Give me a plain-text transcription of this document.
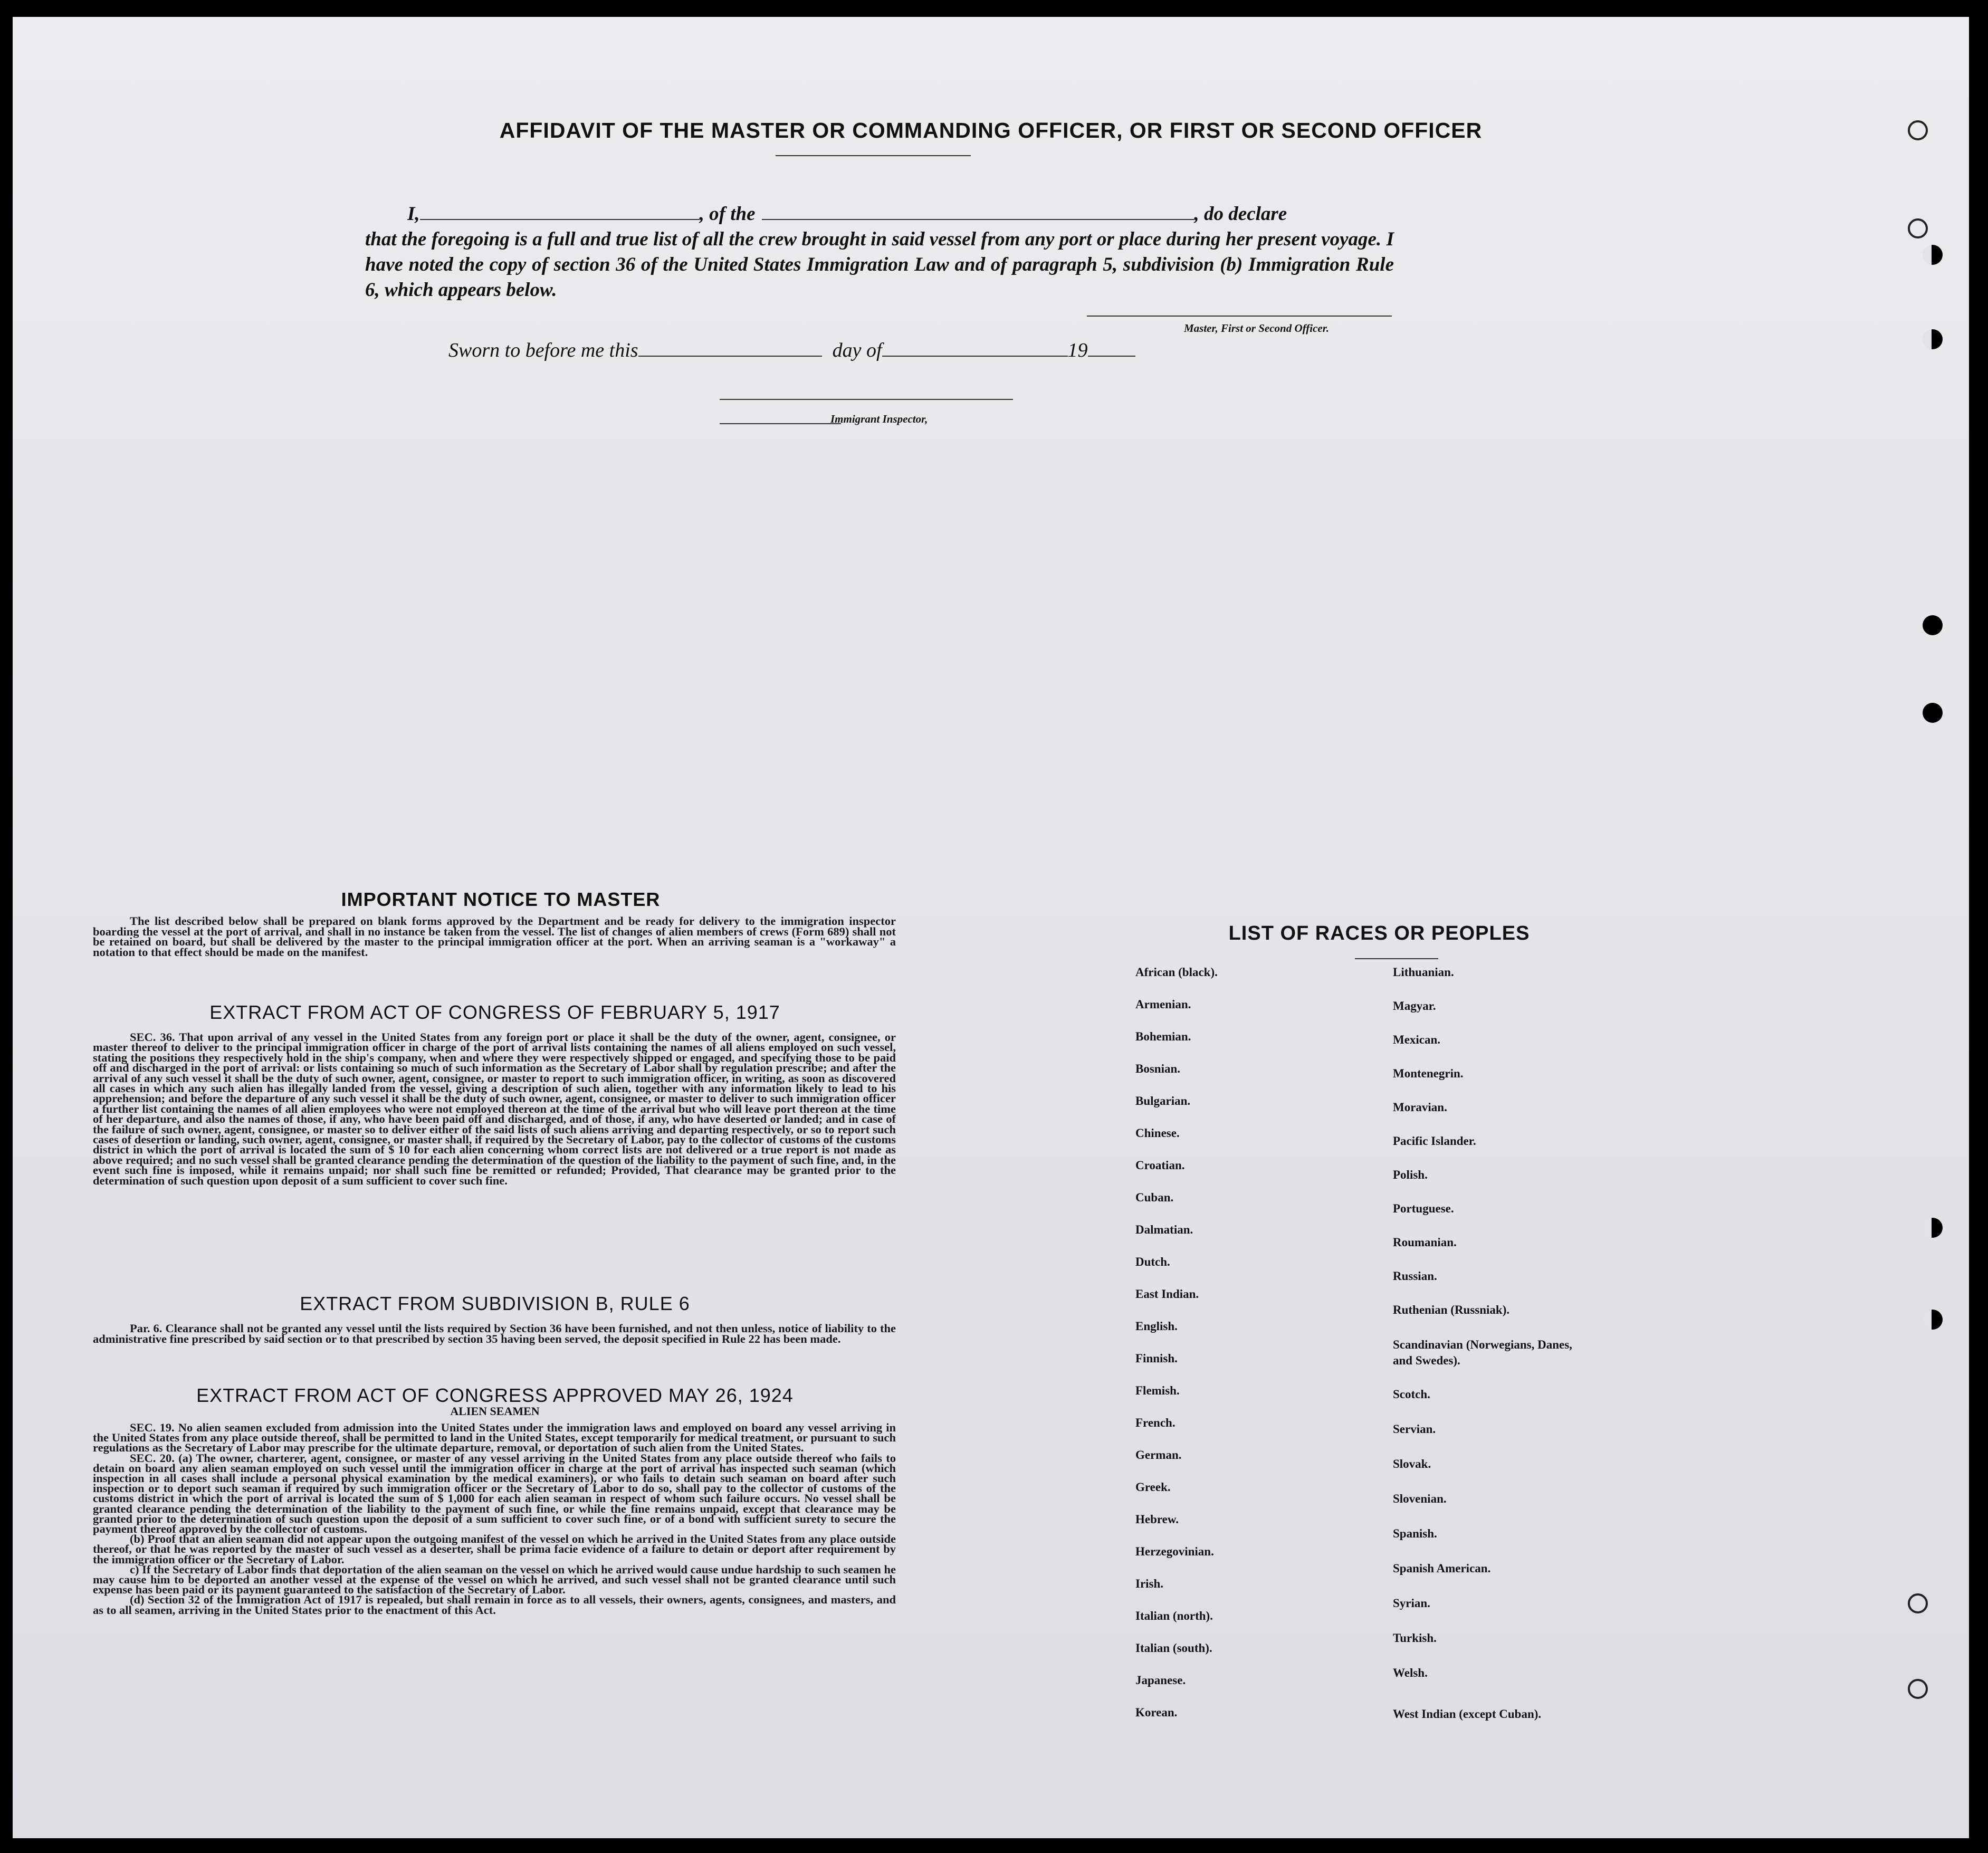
AFFIDAVIT OF THE MASTER OR COMMANDING OFFICER, OR FIRST OR SECOND OFFICER
I,	, of the	, do declare
that the foregoing is a full and true list of all the crew brought in said vessel from any port or place during her present voyage. I have noted the copy of section 36 of the United States Immigration Law and of paragraph 5, subdivision (b) Immigration Rule 6, which appears below.
Master, First or Second Officer.
Sworn to before me this	day of	19
Immigrant Inspector,
IMPORTANT NOTICE TO MASTER

The list described below shall be prepared on blank forms approved by the Department and be ready for delivery to the immigration inspector boarding the vessel at the port of arrival, and shall in no instance be taken from the vessel. The list of changes of alien members of crews (Form 689) shall not be retained on board, but shall be delivered by the master to the principal immigration officer at the port. When an arriving seaman is a "workaway" a notation to that effect should be made on the manifest.

EXTRACT FROM ACT OF CONGRESS OF FEBRUARY 5, 1917

SEC. 36. That upon arrival of any vessel in the United States from any foreign port or place it shall be the duty of the owner, agent, consignee, or master thereof to deliver to the principal immigration officer in charge of the port of arrival lists containing the names of all aliens employed on such vessel, stating the positions they respectively hold in the ship's company, when and where they were respectively shipped or engaged, and specifying those to be paid off and discharged in the port of arrival: or lists containing so much of such information as the Secretary of Labor shall by regulation prescribe; and after the arrival of any such vessel it shall be the duty of such owner, agent, consignee, or master to report to such immigration officer, in writing, as soon as discovered all cases in which any such alien has illegally landed from the vessel, giving a description of such alien, together with any information likely to lead to his apprehension; and before the departure of any such vessel it shall be the duty of such owner, agent, consignee, or master to deliver to such immigration officer a further list containing the names of all alien employees who were not employed thereon at the time of the arrival but who will leave port thereon at the time of her departure, and also the names of those, if any, who have been paid off and discharged, and of those, if any, who have deserted or landed; and in case of the failure of such owner, agent, consignee, or master so to deliver either of the said lists of such aliens arriving and departing respectively, or so to report such cases of desertion or landing, such owner, agent, consignee, or master shall, if required by the Secretary of Labor, pay to the collector of customs of the customs district in which the port of arrival is located the sum of $ 10 for each alien concerning whom correct lists are not delivered or a true report is not made as above required; and no such vessel shall be granted clearance pending the determination of the question of the liability to the payment of such fine, and, in the event such fine is imposed, while it remains unpaid; nor shall such fine be remitted or refunded; Provided, That clearance may be granted prior to the determination of such question upon deposit of a sum sufficient to cover such fine.

EXTRACT FROM SUBDIVISION B, RULE 6

Par. 6. Clearance shall not be granted any vessel until the lists required by Section 36 have been furnished, and not then unless, notice of liability to the administrative fine prescribed by said section or to that prescribed by section 35 having been served, the deposit specified in Rule 22 has been made.

EXTRACT FROM ACT OF CONGRESS APPROVED MAY 26, 1924
ALIEN SEAMEN

SEC. 19. No alien seamen excluded from admission into the United States under the immigration laws and employed on board any vessel arriving in the United States from any place outside thereof, shall be permitted to land in the United States, except temporarily for medical treatment, or pursuant to such regulations as the Secretary of Labor may prescribe for the ultimate departure, removal, or deportation of such alien from the United States.

SEC. 20. (a) The owner, charterer, agent, consignee, or master of any vessel arriving in the United States from any place outside thereof who fails to detain on board any alien seaman employed on such vessel until the immigration officer in charge at the port of arrival has inspected such seaman (which inspection in all cases shall include a personal physical examination by the medical examiners), or who fails to detain such seaman on board after such inspection or to deport such seaman if required by such immigration officer or the Secretary of Labor to do so, shall pay to the collector of customs of the customs district in which the port of arrival is located the sum of $ 1,000 for each alien seaman in respect of whom such failure occurs. No vessel shall be granted clearance pending the determination of the liability to the payment of such fine, or while the fine remains unpaid, except that clearance may be granted prior to the determination of such question upon the deposit of a sum sufficient to cover such fine, or of a bond with sufficient surety to secure the payment thereof approved by the collector of customs.

(b) Proof that an alien seaman did not appear upon the outgoing manifest of the vessel on which he arrived in the United States from any place outside thereof, or that he was reported by the master of such vessel as a deserter, shall be prima facie evidence of a failure to detain or deport after requirement by the immigration officer or the Secretary of Labor.

c) If the Secretary of Labor finds that deportation of the alien seaman on the vessel on which he arrived would cause undue hardship to such seamen he may cause him to be deported an another vessel at the expense of the vessel on which he arrived, and such vessel shall not be granted clearance until such expense has been paid or its payment guaranteed to the satisfaction of the Secretary of Labor.

(d) Section 32 of the Immigration Act of 1917 is repealed, but shall remain in force as to all vessels, their owners, agents, consignees, and masters, and as to all seamen, arriving in the United States prior to the enactment of this Act.

LIST OF RACES OR PEOPLES
African (black).
Armenian.
Bohemian.
Bosnian.
Bulgarian.
Chinese.
Croatian.
Cuban.
Dalmatian.
Dutch.
East Indian.
English.
Finnish.
Flemish.
French.
German.
Greek.
Hebrew.
Herzegovinian.
Irish.
Italian (north).
Italian (south).
Japanese.
Korean.
Lithuanian.
Magyar.
Mexican.
Montenegrin.
Moravian.
Pacific Islander.
Polish.
Portuguese.
Roumanian.
Russian.
Ruthenian (Russniak).
Scandinavian (Norwegians, Danes, and Swedes).
Scotch.
Servian.
Slovak.
Slovenian.
Spanish.
Spanish American.
Syrian.
Turkish.
Welsh.
West Indian (except Cuban).
